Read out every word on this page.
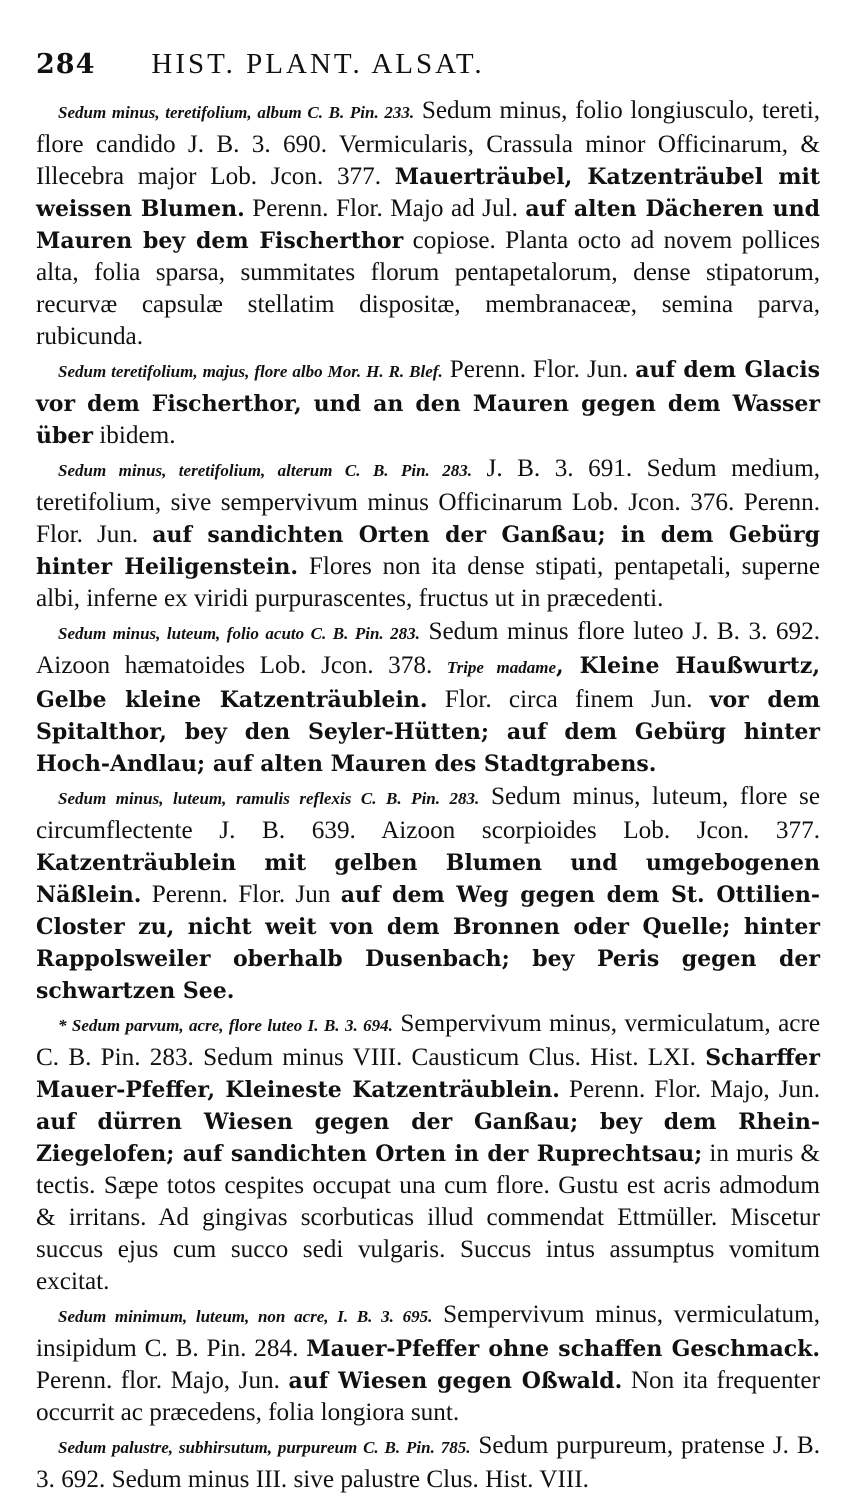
284 HIST. PLANT. ALSAT.

Sedum minus, teretifolium, album C. B. Pin. 233. Sedum minus, folio longiusculo, tereti, flore candido J. B. 3. 690. Vermicularis, Crassula minor Officinarum, & Illecebra major Lob. Jcon. 377. Mauerträubel, Katzenträubel mit weissen Blumen. Perenn. Flor. Majo ad Jul. auf alten Dächeren und Mauren bey dem Fischerthor copiose. Planta octo ad novem pollices alta, folia sparsa, summitates florum pentapetalorum, dense stipatorum, recurvæ capsulæ stellatim dispositæ, membranaceæ, semina parva, rubicunda.

Sedum teretifolium, majus, flore albo Mor. H. R. Blef. Perenn. Flor. Jun. auf dem Glacis vor dem Fischerthor, und an den Mauren gegen dem Wasser über ibidem.

Sedum minus, teretifolium, alterum C. B. Pin. 283. J. B. 3. 691. Sedum medium, teretifolium, sive sempervivum minus Officinarum Lob. Jcon. 376. Perenn. Flor. Jun. auf sandichten Orten der Ganßau; in dem Gebürg hinter Heiligenstein. Flores non ita dense stipati, pentapetali, superne albi, inferne ex viridi purpurascentes, fructus ut in præcedenti.

Sedum minus, luteum, folio acuto C. B. Pin. 283. Sedum minus flore luteo J. B. 3. 692. Aizoon hæmatoides Lob. Jcon. 378. Tripe madame, Kleine Haußwurtz, Gelbe kleine Katzenträublein. Flor. circa finem Jun. vor dem Spitalthor, bey den Seyler-Hütten; auf dem Gebürg hinter Hoch-Andlau; auf alten Mauren des Stadtgrabens.

Sedum minus, luteum, ramulis reflexis C. B. Pin. 283. Sedum minus, luteum, flore se circumflectente J. B. 639. Aizoon scorpioides Lob. Jcon. 377. Katzenträublein mit gelben Blumen und umgebogenen Näßlein. Perenn. Flor. Jun auf dem Weg gegen dem St. Ottilien-Closter zu, nicht weit von dem Bronnen oder Quelle; hinter Rappolsweiler oberhalb Dusenbach; bey Peris gegen der schwartzen See.

* Sedum parvum, acre, flore luteo I. B. 3. 694. Sempervivum minus, vermiculatum, acre C. B. Pin. 283. Sedum minus VIII. Causticum Clus. Hist. LXI. Scharffer Mauer-Pfeffer, Kleineste Katzenträublein. Perenn. Flor. Majo, Jun. auf dürren Wiesen gegen der Ganßau; bey dem Rhein-Ziegelofen; auf sandichten Orten in der Ruprechtsau; in muris & tectis. Sæpe totos cespites occupat una cum flore. Gustu est acris admodum & irritans. Ad gingivas scorbuticas illud commendat Ettmüller. Miscetur succus ejus cum succo sedi vulgaris. Succus intus assumptus vomitum excitat.

Sedum minimum, luteum, non acre, I. B. 3. 695. Sempervivum minus, vermiculatum, insipidum C. B. Pin. 284. Mauer-Pfeffer ohne schaffen Geschmack. Perenn. flor. Majo, Jun. auf Wiesen gegen Oßwald. Non ita frequenter occurrit ac præcedens, folia longiora sunt.

Sedum palustre, subhirsutum, purpureum C. B. Pin. 785. Sedum purpureum, pratense J. B. 3. 692. Sedum minus III. sive palustre Clus. Hist. VIII.
